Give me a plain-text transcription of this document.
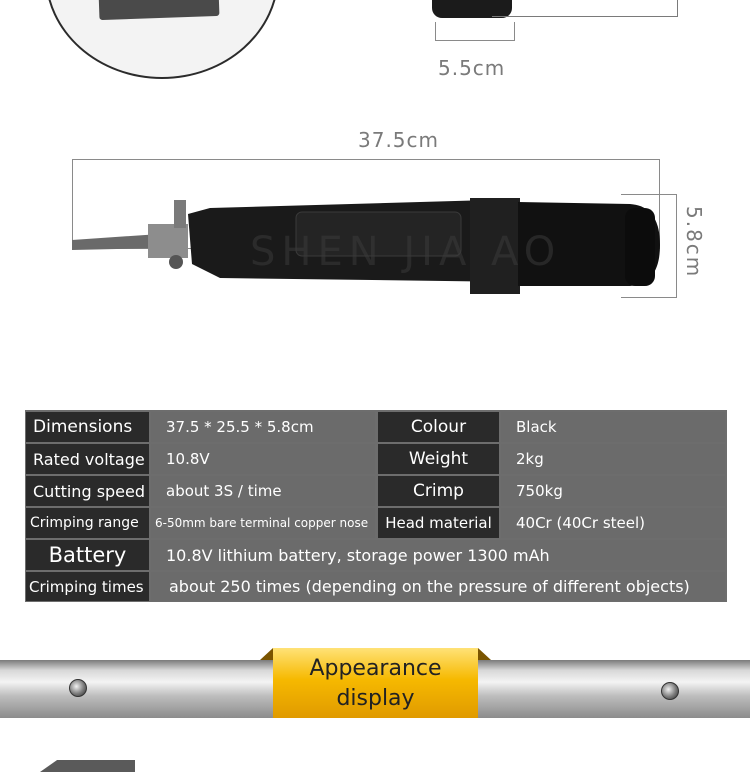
5.5cm
37.5cm
5.8cm
SHEN JIA AO
Dimensions	37.5 * 25.5 * 5.8cm	Colour	Black
Rated voltage	10.8V	Weight	2kg
Cutting speed	about 3S / time	Crimp	750kg
Crimping range	6-50mm bare terminal copper nose	Head material	40Cr (40Cr steel)
Battery	10.8V lithium battery, storage power 1300 mAh
Crimping times	about 250 times (depending on the pressure of different objects)
Appearance
display
